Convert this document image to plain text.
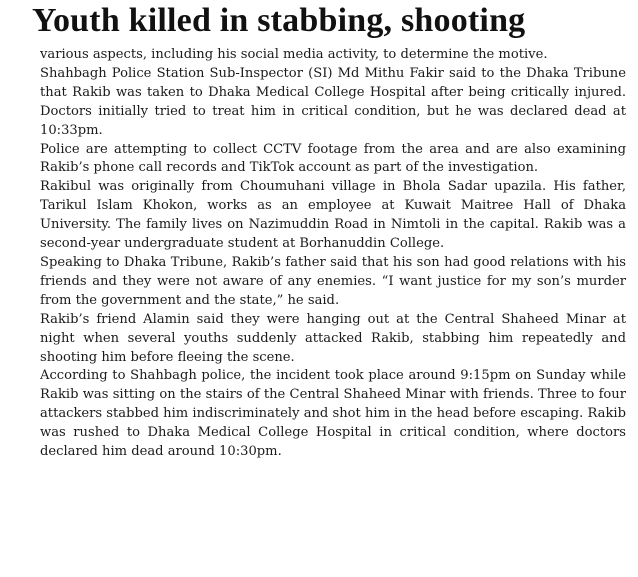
Youth killed in stabbing, shooting

various aspects, including his social media activity, to determine the motive.

Shahbagh Police Station Sub-Inspector (SI) Md Mithu Fakir said to the Dhaka Tribune that Rakib was taken to Dhaka Medical College Hospital after being critically injured. Doctors initially tried to treat him in critical condition, but he was declared dead at 10:33pm.

Police are attempting to collect CCTV footage from the area and are also examining Rakib’s phone call records and TikTok account as part of the investigation.

Rakibul was originally from Choumuhani village in Bhola Sadar upazila. His father, Tarikul Islam Khokon, works as an employee at Kuwait Maitree Hall of Dhaka University. The family lives on Nazimuddin Road in Nimtoli in the capital. Rakib was a second-year undergraduate student at Borhanuddin College.

Speaking to Dhaka Tribune, Rakib’s father said that his son had good relations with his friends and they were not aware of any enemies. “I want justice for my son’s murder from the government and the state,” he said.

Rakib’s friend Alamin said they were hanging out at the Central Shaheed Minar at night when several youths suddenly attacked Rakib, stabbing him repeatedly and shooting him before fleeing the scene.

According to Shahbagh police, the incident took place around 9:15pm on Sunday while Rakib was sitting on the stairs of the Central Shaheed Minar with friends. Three to four attackers stabbed him indiscriminately and shot him in the head before escaping. Rakib was rushed to Dhaka Medical College Hospital in critical condition, where doctors declared him dead around 10:30pm.
